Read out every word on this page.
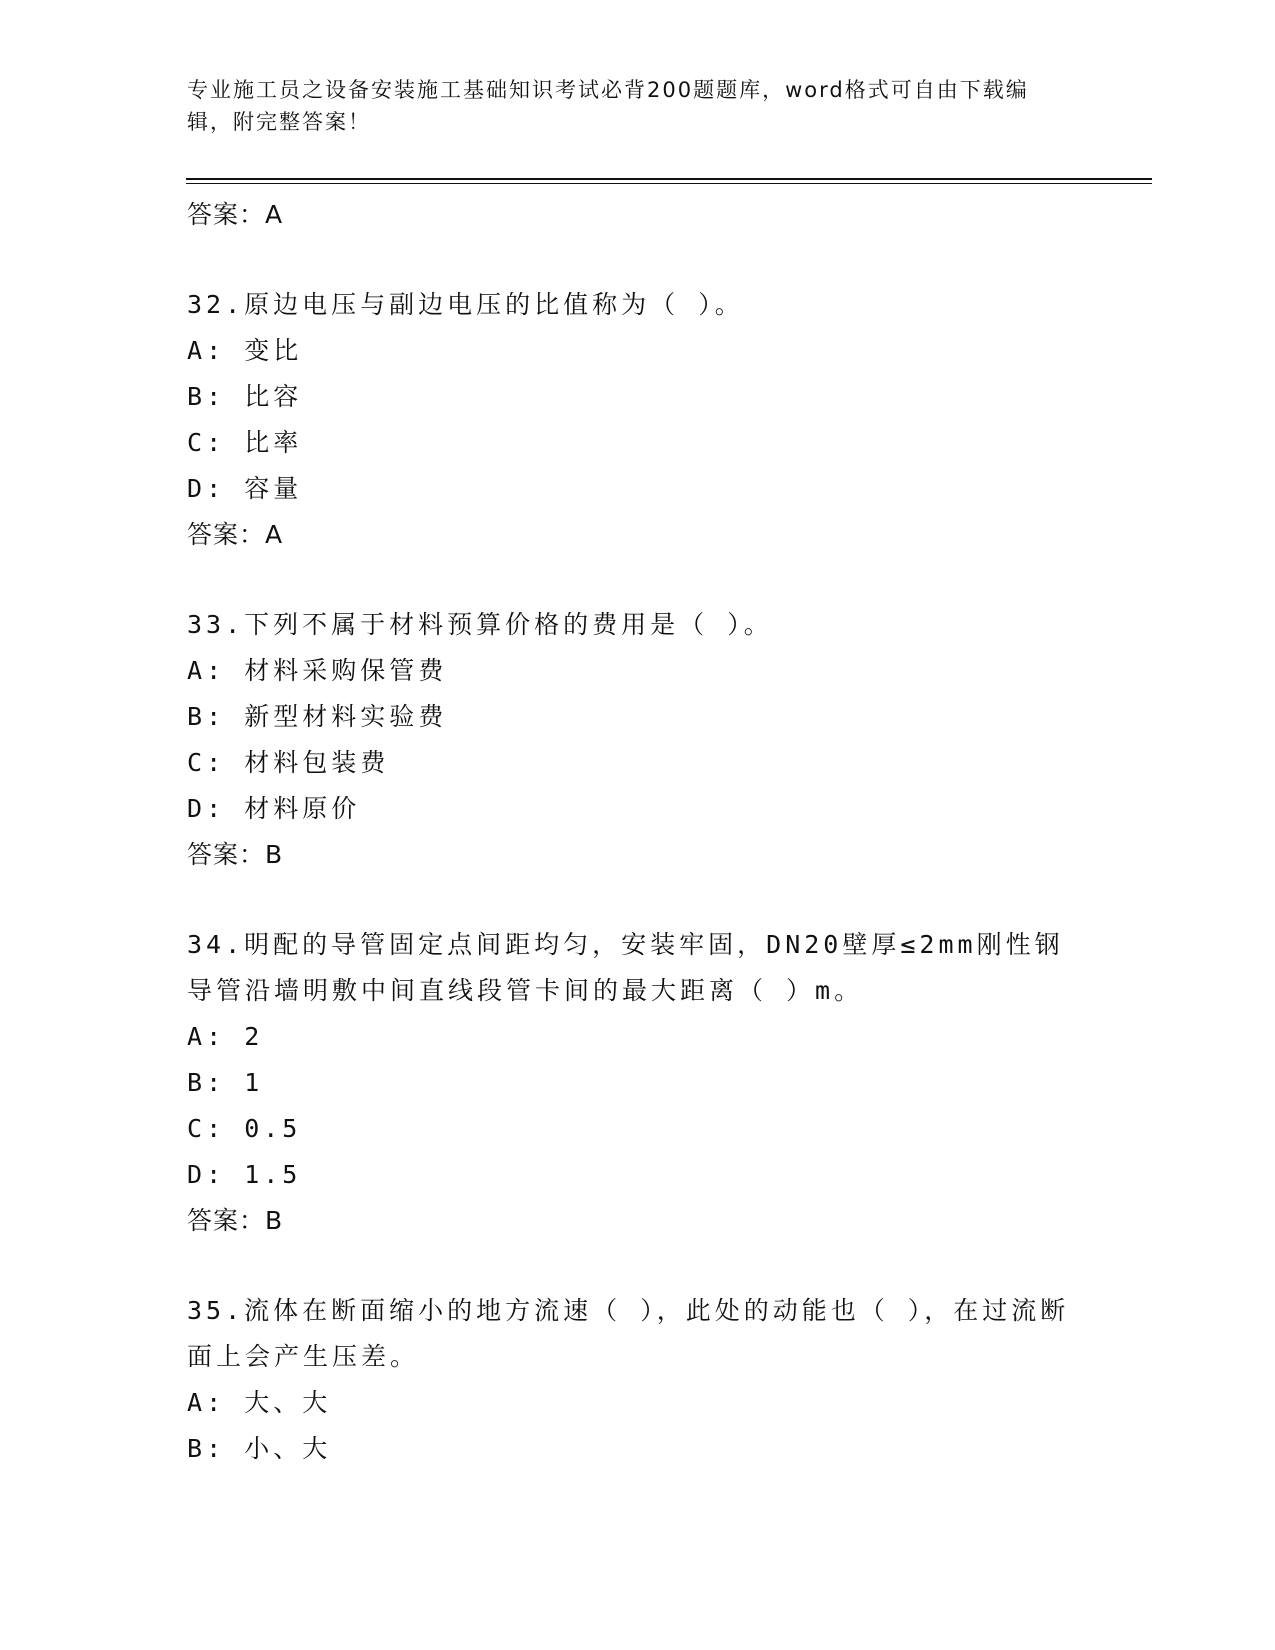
专业施工员之设备安装施工基础知识考试必背200题题库，word格式可自由下载编辑，附完整答案！
答案：A
32.原边电压与副边电压的比值称为（ ）。
A: 变比
B: 比容
C: 比率
D: 容量
答案：A
33.下列不属于材料预算价格的费用是（ ）。
A: 材料采购保管费
B: 新型材料实验费
C: 材料包装费
D: 材料原价
答案：B
34.明配的导管固定点间距均匀，安装牢固，DN20壁厚≤2mm刚性钢导管沿墙明敷中间直线段管卡间的最大距离（ ）m。
A: 2
B: 1
C: 0.5
D: 1.5
答案：B
35.流体在断面缩小的地方流速（ ），此处的动能也（ ），在过流断面上会产生压差。
A: 大、大
B: 小、大
